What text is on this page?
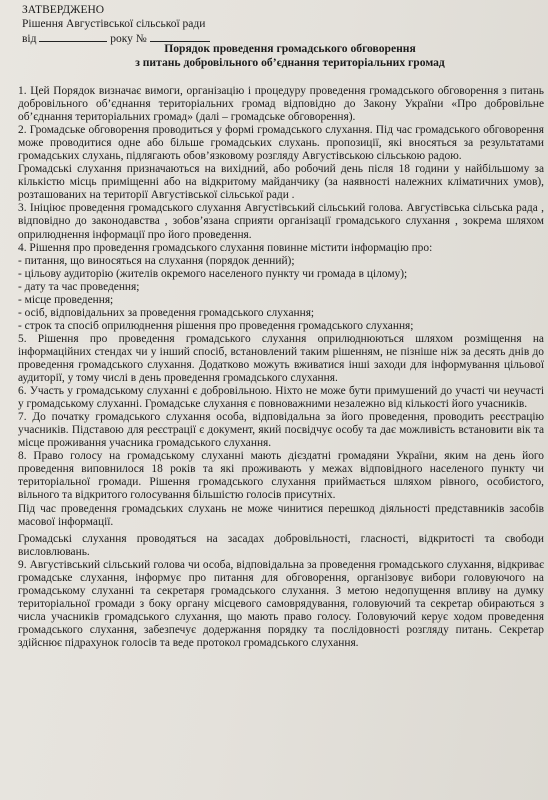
ЗАТВЕРДЖЕНО
Рішення Августівської сільської ради
від	року №
Порядок проведення громадського обговорення
з питань добровільного об’єднання територіальних громад

1. Цей Порядок визначає вимоги, організацію і процедуру проведення громадського обговорення з питань добровільного об’єднання територіальних громад відповідно до Закону України «Про добровільне об’єднання територіальних громад» (далі – громадське обговорення).

2. Громадське обговорення проводиться у формі громадського слухання. Під час громадського обговорення може проводитися одне або більше громадських слухань. пропозиції, які вносяться за результатами громадських слухань, підлягають обов’язковому розгляду Августівською сільською радою.

Громадські слухання призначаються на вихідний, або робочий день після 18 години у найбільшому за кількістю місць приміщенні або на відкритому майданчику (за наявності належних кліматичних умов), розташованих на території Августівської сільської ради .

3. Ініціює проведення громадського слухання Августівський сільський голова. Августівська сільська рада , відповідно до законодавства , зобов’язана сприяти організації громадського слухання , зокрема шляхом оприлюднення інформації про його проведення.

4. Рішення про проведення громадського слухання повинне містити інформацію про:

- питання, що виносяться на слухання (порядок денний);

- цільову аудиторію (жителів окремого населеного пункту чи громада в цілому);

- дату та час проведення;

- місце проведення;

- осіб, відповідальних за проведення громадського слухання;

- строк та спосіб оприлюднення рішення про проведення громадського слухання;

5. Рішення про проведення громадського слухання оприлюднюються шляхом розміщення на інформаційних стендах чи у інший спосіб, встановлений таким рішенням, не пізніше ніж за десять днів до проведення громадського слухання. Додатково можуть вживатися інші заходи для інформування цільової аудиторії, у тому числі в день проведення громадського слухання.

6. Участь у громадському слуханні є добровільною. Ніхто не може бути примушений до участі чи неучасті у громадському слуханні. Громадське слухання є повноважними незалежно від кількості його учасників.

7. До початку громадського слухання особа, відповідальна за його проведення, проводить реєстрацію учасників. Підставою для реєстрації є документ, який посвідчує особу та дає можливість встановити вік та місце проживання учасника громадського слухання.

8. Право голосу на громадському слуханні мають дієздатні громадяни України, яким на день його проведення виповнилося 18 років та які проживають у межах відповідного населеного пункту чи територіальної громади. Рішення громадського слухання приймається шляхом рівного, особистого, вільного та відкритого голосування більшістю голосів присутніх.

Під час проведення громадських слухань не може чинитися перешкод діяльності представників засобів масової інформації.

Громадські слухання проводяться на засадах добровільності, гласності, відкритості та свободи висловлювань.

9. Августівський сільський голова чи особа, відповідальна за проведення громадського слухання, відкриває громадське слухання, інформує про питання для обговорення, організовує вибори головуючого на громадському слуханні та секретаря громадського слухання. З метою недопущення впливу на думку територіальної громади з боку органу місцевого самоврядування, головуючий та секретар обираються з числа учасників громадського слухання, що мають право голосу. Головуючий керує ходом проведення громадського слухання, забезпечує додержання порядку та послідовності розгляду питань. Секретар здійснює підрахунок голосів та веде протокол громадського слухання.
